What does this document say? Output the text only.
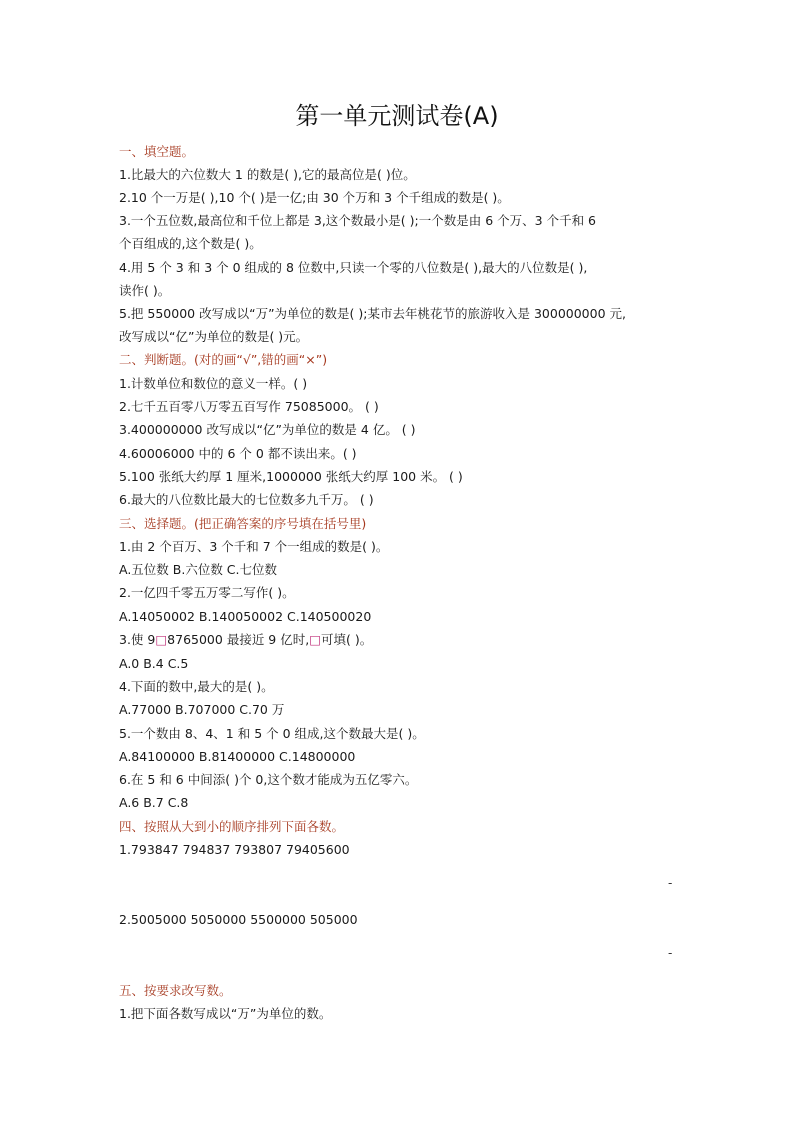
第一单元测试卷(A)
一、填空题。
1.比最大的六位数大 1 的数是( ),它的最高位是( )位。
2.10 个一万是( ),10 个( )是一亿;由 30 个万和 3 个千组成的数是( )。
3.一个五位数,最高位和千位上都是 3,这个数最小是( );一个数是由 6 个万、3 个千和 6
个百组成的,这个数是( )。
4.用 5 个 3 和 3 个 0 组成的 8 位数中,只读一个零的八位数是( ),最大的八位数是( ),
读作( )。
5.把 550000 改写成以“万”为单位的数是( );某市去年桃花节的旅游收入是 300000000 元,
改写成以“亿”为单位的数是( )元。
二、判断题。(对的画“√”,错的画“×”)
1.计数单位和数位的意义一样。( )
2.七千五百零八万零五百写作 75085000。 ( )
3.400000000 改写成以“亿”为单位的数是 4 亿。 ( )
4.60006000 中的 6 个 0 都不读出来。( )
5.100 张纸大约厚 1 厘米,1000000 张纸大约厚 100 米。 ( )
6.最大的八位数比最大的七位数多九千万。 ( )
三、选择题。(把正确答案的序号填在括号里)
1.由 2 个百万、3 个千和 7 个一组成的数是( )。
A.五位数 B.六位数 C.七位数
2.一亿四千零五万零二写作( )。
A.14050002 B.140050002 C.140500020
3.使 9□8765000 最接近 9 亿时,□可填( )。
A.0 B.4 C.5
4.下面的数中,最大的是( )。
A.77000 B.707000 C.70 万
5.一个数由 8、4、1 和 5 个 0 组成,这个数最大是( )。
A.84100000 B.81400000 C.14800000
6.在 5 和 6 中间添( )个 0,这个数才能成为五亿零六。
A.6 B.7 C.8
四、按照从大到小的顺序排列下面各数。
1.793847 794837 793807 79405600
-
2.5005000 5050000 5500000 505000
-
五、按要求改写数。
1.把下面各数写成以“万”为单位的数。
